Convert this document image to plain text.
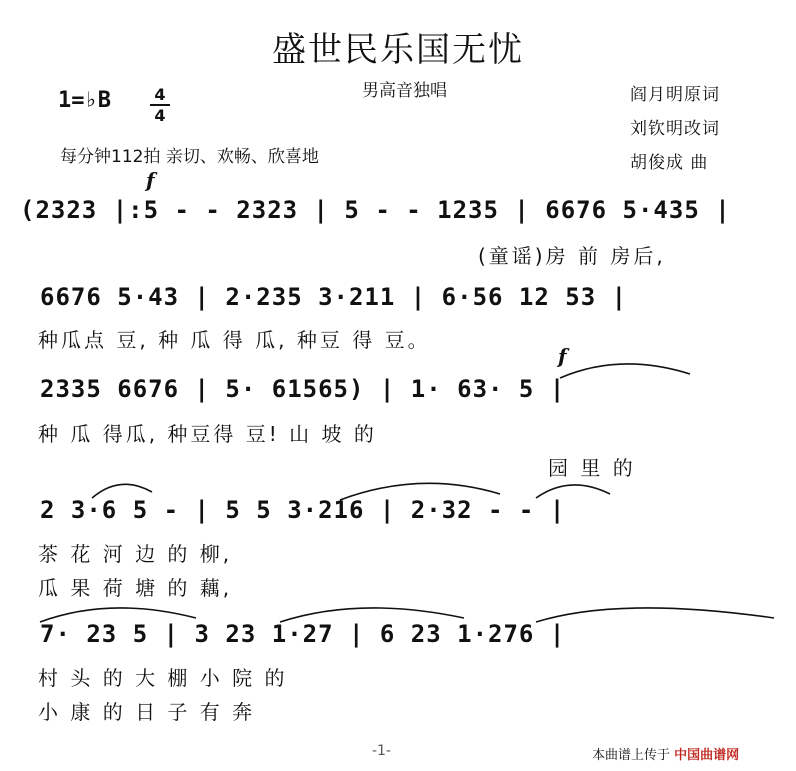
盛世民乐国无忧
男高音独唱	阎月明原词
刘钦明改词
胡俊成 曲
1=♭B	4
4
每分钟112拍 亲切、欢畅、欣喜地
f
(2323 |:5 - - 2323 | 5 - - 1235 | 6676 5·435 |
(童谣)房 前 房后,
6676 5·43 | 2·235 3·211 | 6·56 12 53 |
种瓜点 豆, 种 瓜 得 瓜, 种豆 得 豆。
f
2335 6676 | 5· 61565) | 1· 63· 5 |
种 瓜 得瓜, 种豆得 豆! 山 坡 的
园 里 的
2 3·6 5 - | 5 5 3·216 | 2·32 - - |
茶 花 河 边 的 柳,
瓜 果 荷 塘 的 藕,
7· 23 5 | 3 23 1·27 | 6 23 1·276 |
村 头 的 大 棚 小 院 的
小 康 的 日 子 有 奔
-1-	本曲谱上传于 中国曲谱网
